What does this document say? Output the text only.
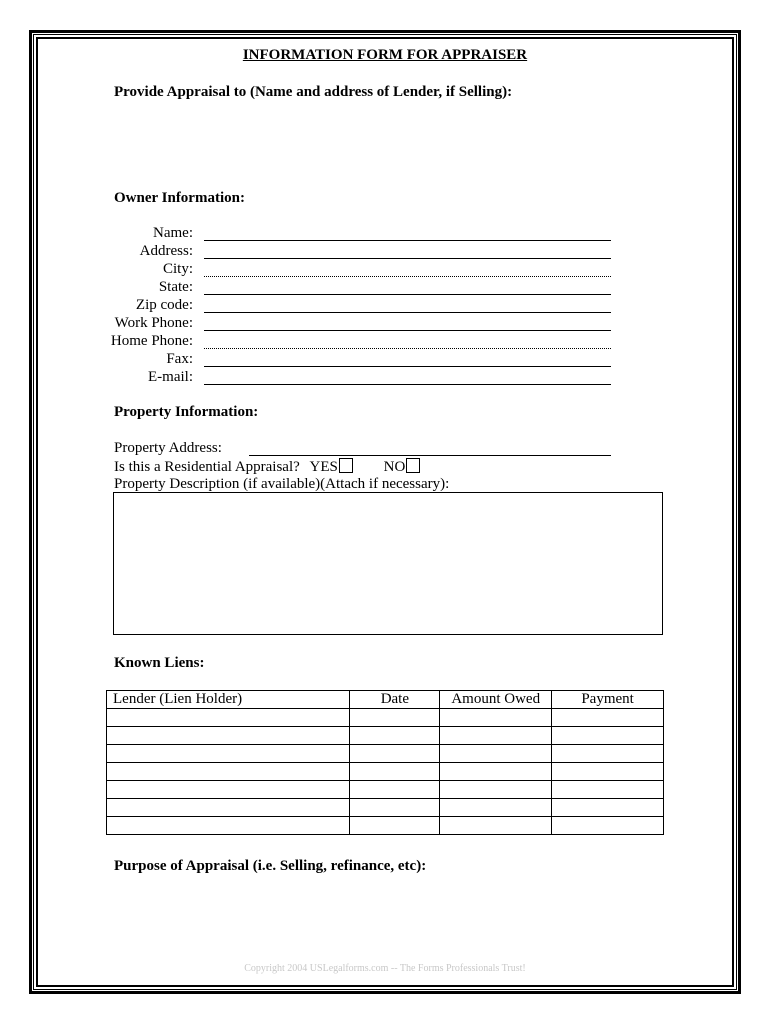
INFORMATION FORM FOR APPRAISER
Provide Appraisal to (Name and address of Lender, if Selling):
Owner Information:
Name:
Address:
City:
State:
Zip code:
Work Phone:
Home Phone:
Fax:
E-mail:
Property Information:
Property Address:
Is this a Residential Appraisal? YES	NO
Property Description (if available)(Attach if necessary):
Known Liens:
Lender (Lien Holder)	Date	Amount Owed	Payment

Purpose of Appraisal (i.e. Selling, refinance, etc):
Copyright 2004 USLegalforms.com -- The Forms Professionals Trust!
